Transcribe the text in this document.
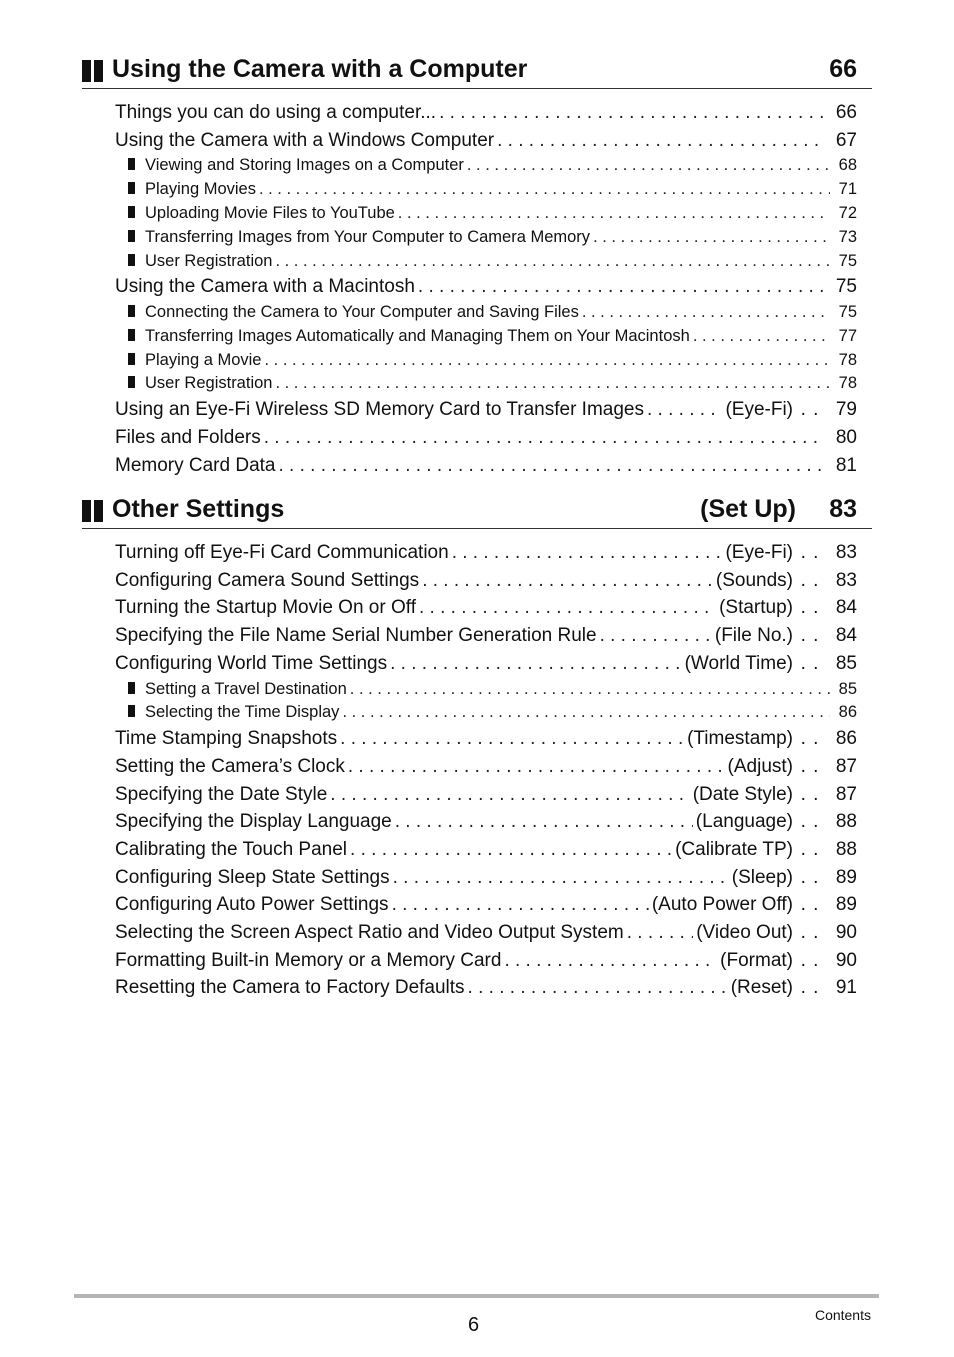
Using the Camera with a Computer	66
Things you can do using a computer... . . .	66
Using the Camera with a Windows Computer . . .	67
Viewing and Storing Images on a Computer . . .	68
Playing Movies . . .	71
Uploading Movie Files to YouTube . . .	72
Transferring Images from Your Computer to Camera Memory . . .	73
User Registration . . .	75
Using the Camera with a Macintosh . . .	75
Connecting the Camera to Your Computer and Saving Files . . .	75
Transferring Images Automatically and Managing Them on Your Macintosh . . .	77
Playing a Movie . . .	78
User Registration . . .	78
Using an Eye-Fi Wireless SD Memory Card to Transfer Images . . .	(Eye-Fi) . . 79
Files and Folders . . .	80
Memory Card Data . . .	81
Other Settings	(Set Up) 83
Turning off Eye-Fi Card Communication . . .	(Eye-Fi) . . 83
Configuring Camera Sound Settings . . .	(Sounds) . . 83
Turning the Startup Movie On or Off . . .	(Startup) . . 84
Specifying the File Name Serial Number Generation Rule . . .	(File No.) . . 84
Configuring World Time Settings . . .	(World Time) . . 85
Setting a Travel Destination . . .	85
Selecting the Time Display . . .	86
Time Stamping Snapshots . . .	(Timestamp) . . 86
Setting the Camera’s Clock . . .	(Adjust) . . 87
Specifying the Date Style . . .	(Date Style) . . 87
Specifying the Display Language . . .	(Language) . . 88
Calibrating the Touch Panel . . .	(Calibrate TP) . . 88
Configuring Sleep State Settings . . .	(Sleep) . . 89
Configuring Auto Power Settings . . .	(Auto Power Off) . . 89
Selecting the Screen Aspect Ratio and Video Output System . . .	(Video Out) . . 90
Formatting Built-in Memory or a Memory Card . . .	(Format) . . 90
Resetting the Camera to Factory Defaults . . .	(Reset) . . 91
6	Contents
